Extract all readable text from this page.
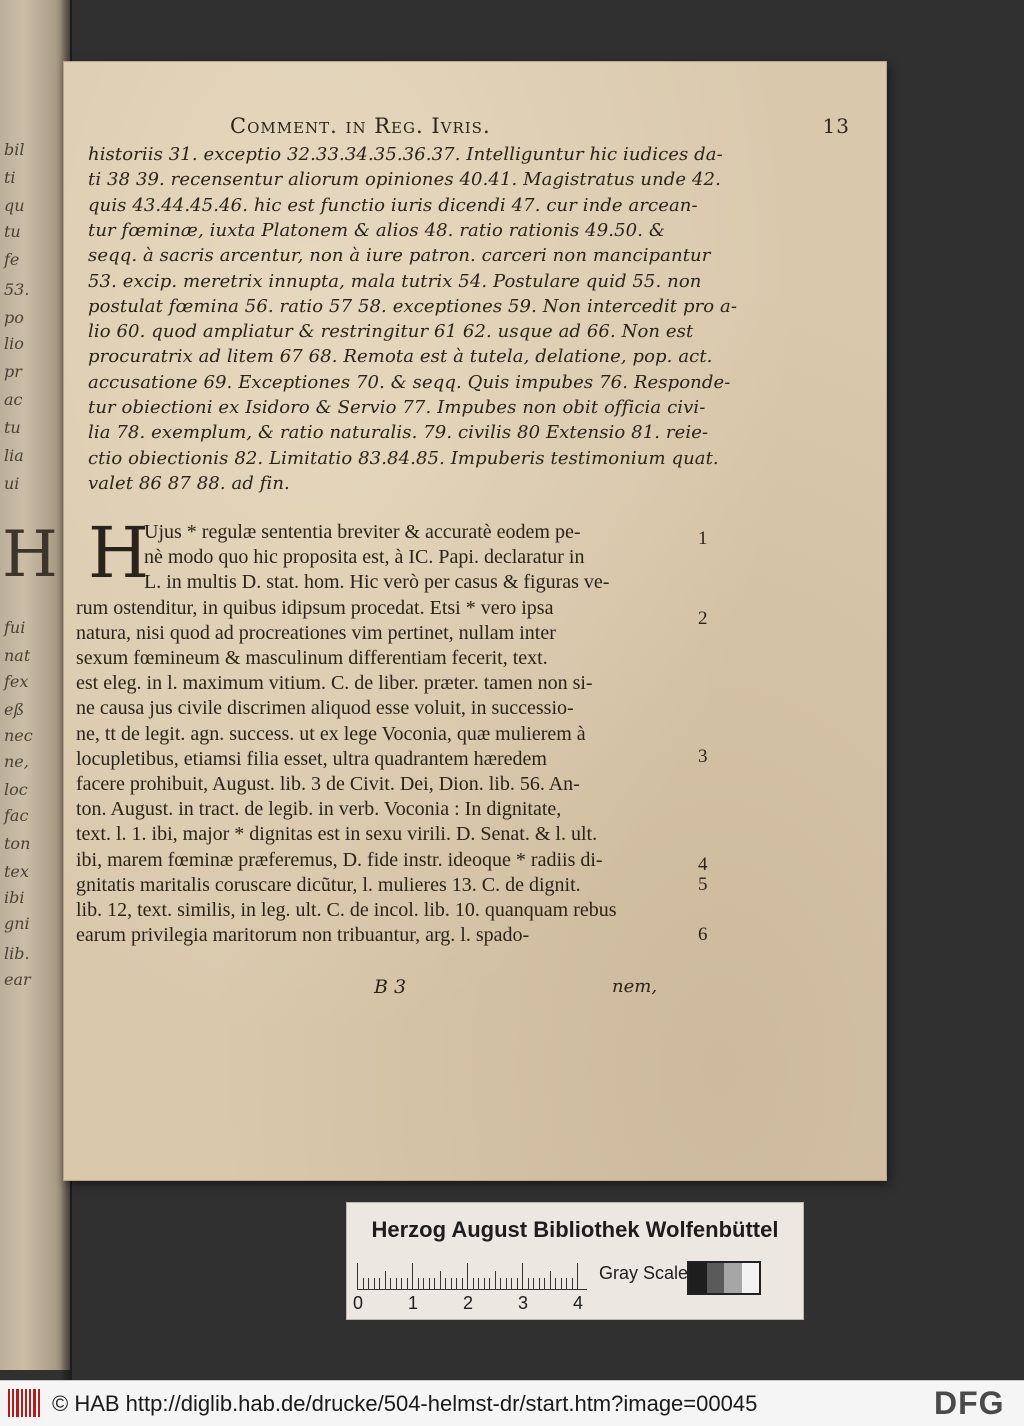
H
bil
ti
qu
tu
fe
53.
po
lio
pr
ac
tu
lia
ui
fui
nat
fex
eß
nec
ne,
loc
fac
ton
tex
ibi
gni
lib.
ear
Comment. in Reg. Ivris.	13
historiis 31. exceptio 32.33.34.35.36.37. Intelliguntur hic iudices da-
ti 38 39. recensentur aliorum opiniones 40.41. Magistratus unde 42.
quis 43.44.45.46. hic est functio iuris dicendi 47. cur inde arcean-
tur fœminæ, iuxta Platonem & alios 48. ratio rationis 49.50. &
seqq. à sacris arcentur, non à iure patron. carceri non mancipantur
53. excip. meretrix innupta, mala tutrix 54. Postulare quid 55. non
postulat fœmina 56. ratio 57 58. exceptiones 59. Non intercedit pro a-
lio 60. quod ampliatur & restringitur 61 62. usque ad 66. Non est
procuratrix ad litem 67 68. Remota est à tutela, delatione, pop. act.
accusatione 69. Exceptiones 70. & seqq. Quis impubes 76. Responde-
tur obiectioni ex Isidoro & Servio 77. Impubes non obit officia civi-
lia 78. exemplum, & ratio naturalis. 79. civilis 80 Extensio 81. reie-
ctio obiectionis 82. Limitatio 83.84.85. Impuberis testimonium quat.
valet 86 87 88. ad fin.
H
Ujus * regulæ sententia breviter & accuratè eodem pe-
nè modo quo hic proposita est, à IC. Papi. declaratur in
L. in multis D. stat. hom. Hic verò per casus & figuras ve-
rum ostenditur, in quibus idipsum procedat. Etsi * vero ipsa
natura, nisi quod ad procreationes vim pertinet, nullam inter
sexum fœmineum & masculinum differentiam fecerit, text.
est eleg. in l. maximum vitium. C. de liber. præter. tamen non si-
ne causa jus civile discrimen aliquod esse voluit, in successio-
ne, tt de legit. agn. success. ut ex lege Voconia, quæ mulierem à
locupletibus, etiamsi filia esset, ultra quadrantem hæredem
facere prohibuit, August. lib. 3 de Civit. Dei, Dion. lib. 56. An-
ton. August. in tract. de legib. in verb. Voconia : In dignitate,
text. l. 1. ibi, major * dignitas est in sexu virili. D. Senat. & l. ult.
ibi, marem fœminæ præferemus, D. fide instr. ideoque * radiis di-
gnitatis maritalis coruscare dicũtur, l. mulieres 13. C. de dignit.
lib. 12, text. similis, in leg. ult. C. de incol. lib. 10. quanquam rebus
earum privilegia maritorum non tribuantur, arg. l. spado-
1
2
3
4
5
6
B 3	nem,
Herzog August Bibliothek Wolfenbüttel
0 1 2 3 4
Gray Scale
© HAB http://diglib.hab.de/drucke/504-helmst-dr/start.htm?image=00045	DFG
